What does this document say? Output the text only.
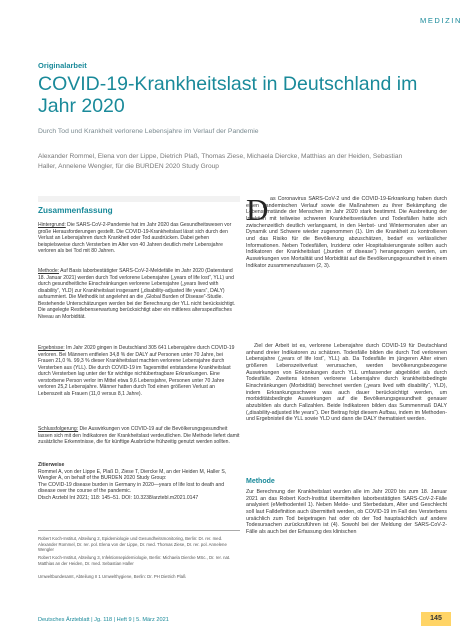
MEDIZIN
Originalarbeit
COVID-19-Krankheitslast in Deutschland im Jahr 2020
Durch Tod und Krankheit verlorene Lebensjahre im Verlauf der Pandemie
Alexander Rommel, Elena von der Lippe, Dietrich Plaß, Thomas Ziese, Michaela Diercke, Matthias an der Heiden, Sebastian Haller, Annelene Wengler, für die BURDEN 2020 Study Group
Zusammenfassung
Hintergrund: Die SARS-CoV-2-Pandemie hat im Jahr 2020 das Gesundheitswesen vor große Herausforderungen gestellt. Die COVID-19-Krankheitslast lässt sich durch den Verlust an Lebensjahren durch Krankheit oder Tod ausdrücken. Dabei gehen beispielsweise durch Versterben im Alter von 40 Jahren deutlich mehr Lebensjahre verloren als bei Tod mit 80 Jahren.
Methode: Auf Basis laborbestätigter SARS-CoV-2-Meldefälle im Jahr 2020 (Datenstand 18. Januar 2021) werden durch Tod verlorene Lebensjahre („years of life lost“, YLL) und durch gesundheitliche Einschränkungen verlorene Lebensjahre („years lived with disability“, YLD) zur Krankheitslast insgesamt („disability-adjusted life years“, DALY) aufsummiert. Die Methodik ist angelehnt an die „Global Burden of Disease“-Studie. Bestehende Unterschätzungen werden bei der Berechnung der YLL nicht berücksichtigt. Die angelegte Restlebenserwartung berücksichtigt aber ein mittleres altersspezifisches Niveau an Morbidität.
Ergebnisse: Im Jahr 2020 gingen in Deutschland 305 641 Lebensjahre durch COVID-19 verloren. Bei Männern entfielen 34,8 % der DALY auf Personen unter 70 Jahre, bei Frauen 21,0 %. 99,3 % dieser Krankheitslast machten verlorene Lebensjahre durch Versterben aus (YLL). Die durch COVID-19 im Tagesmittel entstandene Krankheitslast durch Versterben lag unter der für wichtige nichtübertragbare Erkrankungen. Eine verstorbene Person verlor im Mittel etwa 9,6 Lebensjahre, Personen unter 70 Jahre verloren 25,2 Lebensjahre. Männer hatten durch Tod einen größeren Verlust an Lebenszeit als Frauen (11,0 versus 8,1 Jahre).
Schlussfolgerung: Die Auswirkungen von COVID-19 auf die Bevölkerungsgesundheit lassen sich mit den Indikatoren der Krankheitslast verdeutlichen. Die Methode liefert damit zusätzliche Erkenntnisse, die für künftige Ausbrüche frühzeitig genutzt werden sollten.
Zitierweise
Rommel A, von der Lippe E, Plaß D, Ziese T, Diercke M, an der Heiden M, Haller S, Wengler A, on behalf of the BURDEN 2020 Study Group:
The COVID-19 disease burden in Germany in 2020—years of life lost to death and disease over the course of the pandemic.
Dtsch Arztebl Int 2021; 118: 145–51. DOI: 10.3238/arztebl.m2021.0147
Robert Koch-Institut, Abteilung 2, Epidemiologie und Gesundheitsmonitoring, Berlin: Dr. rer. med. Alexander Rommel, Dr. rer. pol. Elena von der Lippe, Dr. med. Thomas Ziese, Dr. rer. pol. Annelene Wengler
Robert Koch-Institut, Abteilung 3, Infektionsepidemiologie, Berlin: Michaela Diercke MSc., Dr. rer. nat. Matthias an der Heiden, Dr. med. Sebastian Haller
Umweltbundesamt, Abteilung II 1 Umwelthygiene, Berlin: Dr. PH Dietrich Plaß
D as Coronavirus SARS-CoV-2 und die COVID-19-Erkrankung haben durch einen pandemischen Verlauf sowie die Maßnahmen zu ihrer Bekämpfung die Lebensumstände der Menschen im Jahr 2020 stark bestimmt. Die Ausbreitung der Infektion mit teilweise schweren Krankheitsverläufen und Todesfällen hatte sich zwischenzeitlich deutlich verlangsamt, in den Herbst- und Wintermonaten aber an Dynamik und Schwere wieder zugenommen (1). Um die Krankheit zu kontrollieren und das Risiko für die Bevölkerung abzuschätzen, bedarf es verlässlicher Informationen. Neben Todesfällen, Inzidenz oder Hospitalisierungsrate sollten auch Indikatoren der Krankheitslast („burden of disease“) herangezogen werden, um Auswirkungen von Mortalität und Morbidität auf die Bevölkerungsgesundheit in einem Indikator zusammenzufassen (2, 3).
Ziel der Arbeit ist es, verlorene Lebensjahre durch COVID-19 für Deutschland anhand dreier Indikatoren zu schätzen. Todesfälle bilden die durch Tod verlorenen Lebensjahre („years of life lost“, YLL) ab. Da Todesfälle im jüngeren Alter einen größeren Lebenszeitverlust verursachen, werden bevölkerungsbezogene Auswirkungen von Erkrankungen durch YLL umfassender abgebildet als durch Todesfälle. Zweitens können verlorene Lebensjahre durch krankheitsbedingte Einschränkungen (Morbidität) berechnet werden („years lived with disability“, YLD), indem Erkrankungsschwere was auch dauer berücksichtigt werden, um morbiditätsbedingte Auswirkungen auf die Bevölkerungsgesundheit genauer abzubilden als durch Fallzahlen. Beide Indikatoren bilden das Summenmaß DALY („disability-adjusted life years“). Der Beitrag folgt diesem Aufbau, indem im Methoden- und Ergebnisteil die YLL sowie YLD und dann die DALY thematisiert werden.
Methode
Zur Berechnung der Krankheitslast wurden alle im Jahr 2020 bis zum 18. Januar 2021 an das Robert Koch-Institut übermittelten laborbestätigten SARS-CoV-2-Fälle analysiert (eMethodenteil 1). Neben Melde- und Sterbedatum, Alter und Geschlecht soll laut Falldefinition auch übermittelt werden, ob COVID-19 im Fall des Versterbens ursächlich zum Tod beigetragen hat oder ob der Tod hauptsächlich auf andere Todesursachen zurückzuführen ist (4). Sowohl bei der Meldung der SARS-CoV-2-Fälle als auch bei der Erfassung des klinischen
Deutsches Ärzteblatt | Jg. 118 | Heft 9 | 5. März 2021	145
